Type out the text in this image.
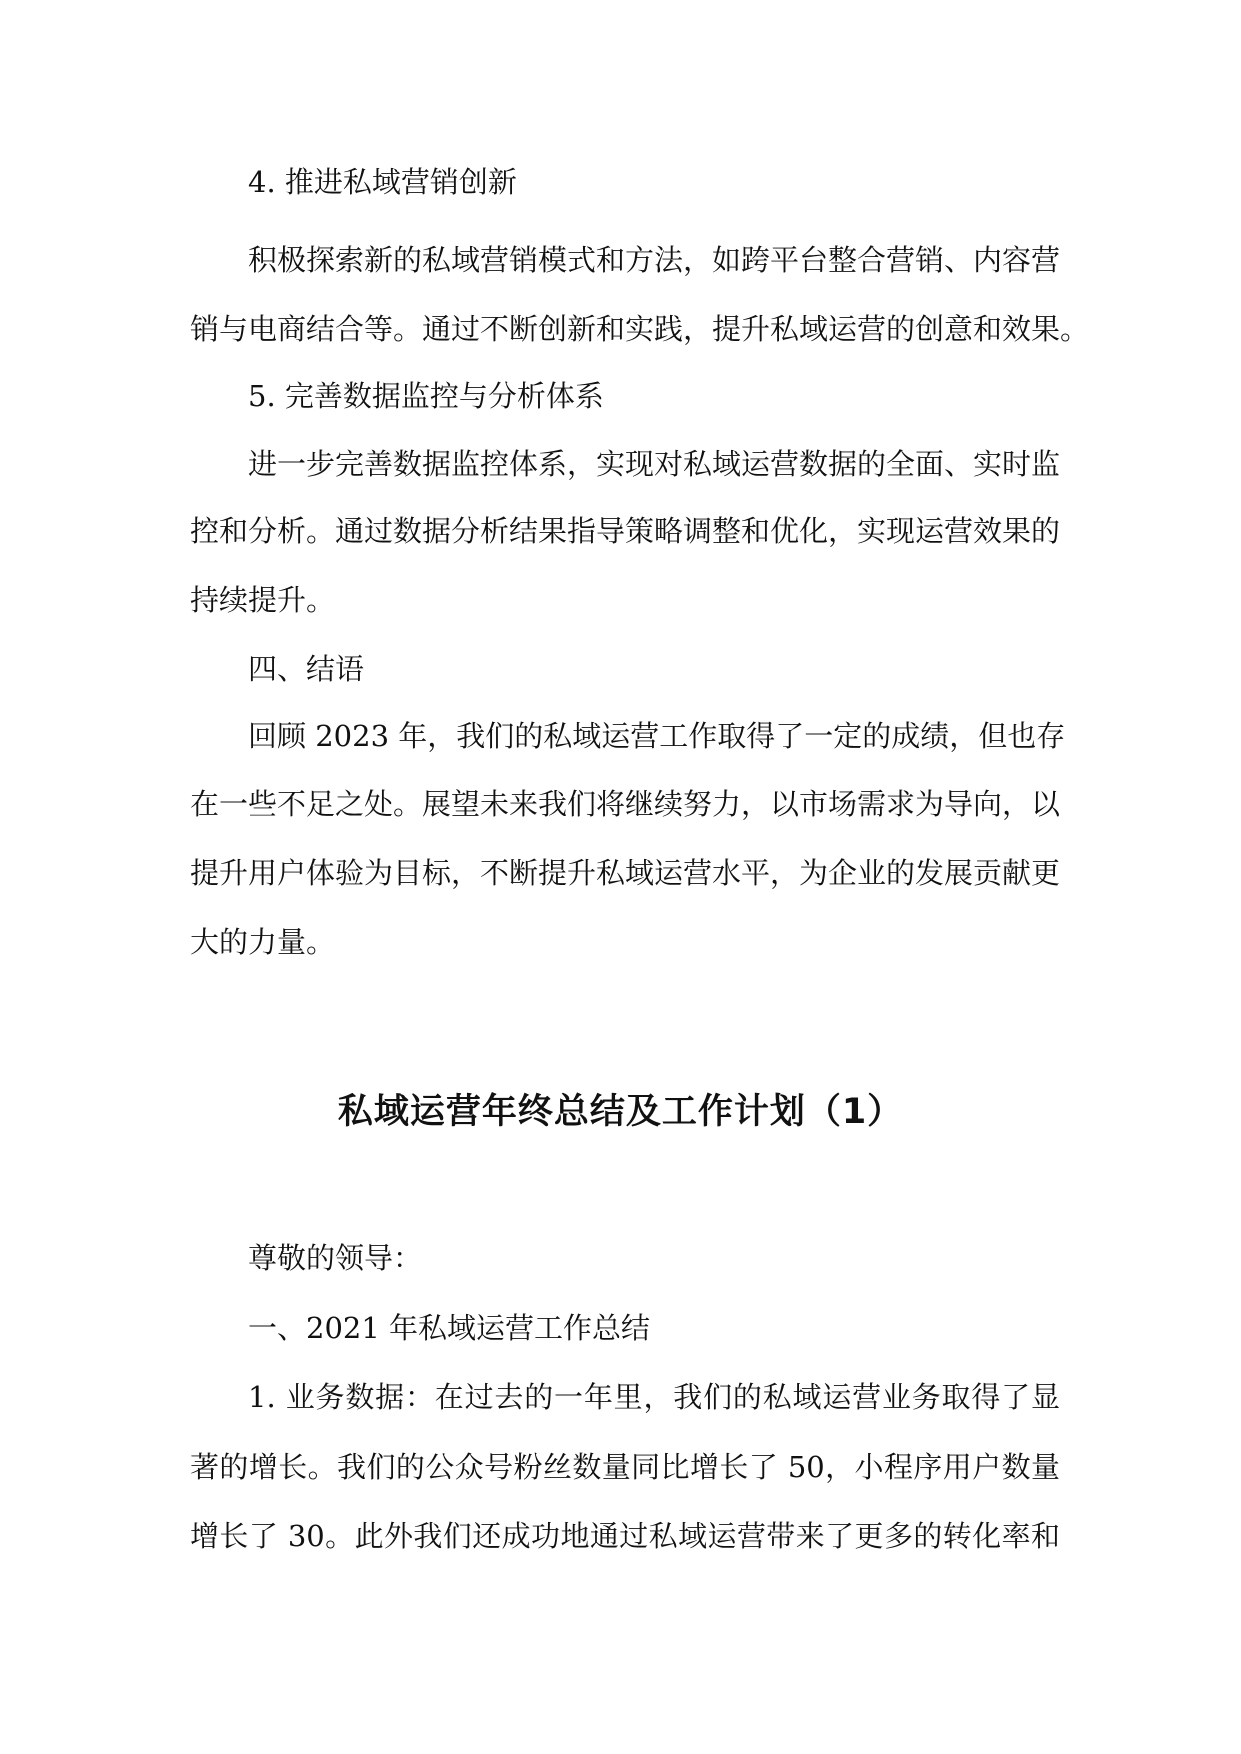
4. 推进私域营销创新
积极探索新的私域营销模式和方法，如跨平台整合营销、内容营
销与电商结合等。通过不断创新和实践，提升私域运营的创意和效果。
5. 完善数据监控与分析体系
进一步完善数据监控体系，实现对私域运营数据的全面、实时监
控和分析。通过数据分析结果指导策略调整和优化，实现运营效果的
持续提升。
四、结语
回顾 2023 年，我们的私域运营工作取得了一定的成绩，但也存
在一些不足之处。展望未来我们将继续努力，以市场需求为导向，以
提升用户体验为目标，不断提升私域运营水平，为企业的发展贡献更
大的力量。
私域运营年终总结及工作计划（1）
尊敬的领导：
一、2021 年私域运营工作总结
1. 业务数据：在过去的一年里，我们的私域运营业务取得了显
著的增长。我们的公众号粉丝数量同比增长了 50，小程序用户数量
增长了 30。此外我们还成功地通过私域运营带来了更多的转化率和
